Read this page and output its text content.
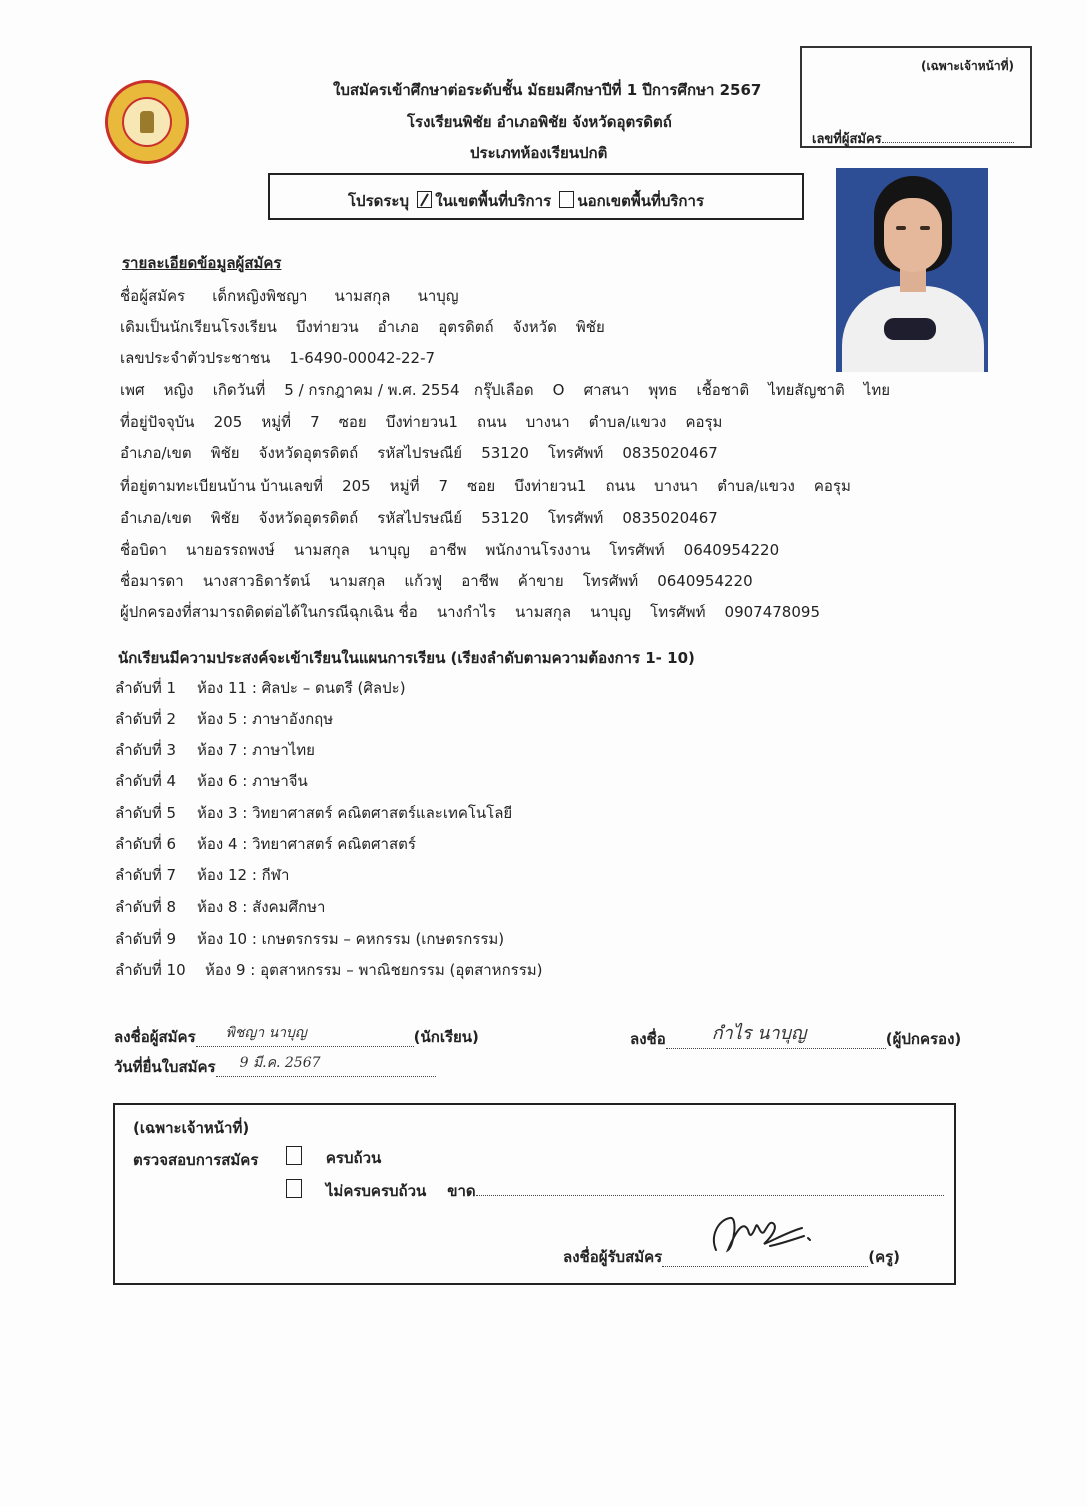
ใบสมัครเข้าศึกษาต่อระดับชั้น มัธยมศึกษาปีที่ 1 ปีการศึกษา 2567
โรงเรียนพิชัย อำเภอพิชัย จังหวัดอุตรดิตถ์
ประเภทห้องเรียนปกติ
(เฉพาะเจ้าหน้าที่)
เลขที่ผู้สมัคร
โปรดระบุ ในเขตพื้นที่บริการ นอกเขตพื้นที่บริการ
รายละเอียดข้อมูลผู้สมัคร
ชื่อผู้สมัคร เด็กหญิงพิชญา นามสกุล นาบุญ
เดิมเป็นนักเรียนโรงเรียน บึงท่ายวน อำเภอ อุตรดิตถ์ จังหวัด พิชัย
เลขประจำตัวประชาชน 1-6490-00042-22-7
เพศ หญิง เกิดวันที่ 5 / กรกฎาคม / พ.ศ. 2554 กรุ๊ปเลือด O ศาสนา พุทธ เชื้อชาติ ไทยสัญชาติ ไทย
ที่อยู่ปัจจุบัน 205 หมู่ที่ 7 ซอย บึงท่ายวน1 ถนน บางนา ตำบล/แขวง คอรุม
อำเภอ/เขต พิชัย จังหวัดอุตรดิตถ์ รหัสไปรษณีย์ 53120 โทรศัพท์ 0835020467
ที่อยู่ตามทะเบียนบ้าน บ้านเลขที่ 205 หมู่ที่ 7 ซอย บึงท่ายวน1 ถนน บางนา ตำบล/แขวง คอรุม
อำเภอ/เขต พิชัย จังหวัดอุตรดิตถ์ รหัสไปรษณีย์ 53120 โทรศัพท์ 0835020467
ชื่อบิดา นายอรรถพงษ์ นามสกุล นาบุญ อาชีพ พนักงานโรงงาน โทรศัพท์ 0640954220
ชื่อมารดา นางสาวธิดารัตน์ นามสกุล แก้วฟู อาชีพ ค้าขาย โทรศัพท์ 0640954220
ผู้ปกครองที่สามารถติดต่อได้ในกรณีฉุกเฉิน ชื่อ นางกำไร นามสกุล นาบุญ โทรศัพท์ 0907478095
นักเรียนมีความประสงค์จะเข้าเรียนในแผนการเรียน (เรียงลำดับตามความต้องการ 1- 10)
ลำดับที่ 1 ห้อง 11 : ศิลปะ – ดนตรี (ศิลปะ)
ลำดับที่ 2 ห้อง 5 : ภาษาอังกฤษ
ลำดับที่ 3 ห้อง 7 : ภาษาไทย
ลำดับที่ 4 ห้อง 6 : ภาษาจีน
ลำดับที่ 5 ห้อง 3 : วิทยาศาสตร์ คณิตศาสตร์และเทคโนโลยี
ลำดับที่ 6 ห้อง 4 : วิทยาศาสตร์ คณิตศาสตร์
ลำดับที่ 7 ห้อง 12 : กีฬา
ลำดับที่ 8 ห้อง 8 : สังคมศึกษา
ลำดับที่ 9 ห้อง 10 : เกษตรกรรม – คหกรรม (เกษตรกรรม)
ลำดับที่ 10 ห้อง 9 : อุตสาหกรรม – พาณิชยกรรม (อุตสาหกรรม)
ลงชื่อผู้สมัคร พิชญา นาบุญ	(นักเรียน)
วันที่ยื่นใบสมัคร 9 มี.ค. 2567

ลงชื่อ	กำไร นาบุญ	(ผู้ปกครอง)
(เฉพาะเจ้าหน้าที่)
ตรวจสอบการสมัคร	ครบถ้วน
ไม่ครบครบถ้วน ขาด
ลงชื่อผู้รับสมัคร	(ครู)
